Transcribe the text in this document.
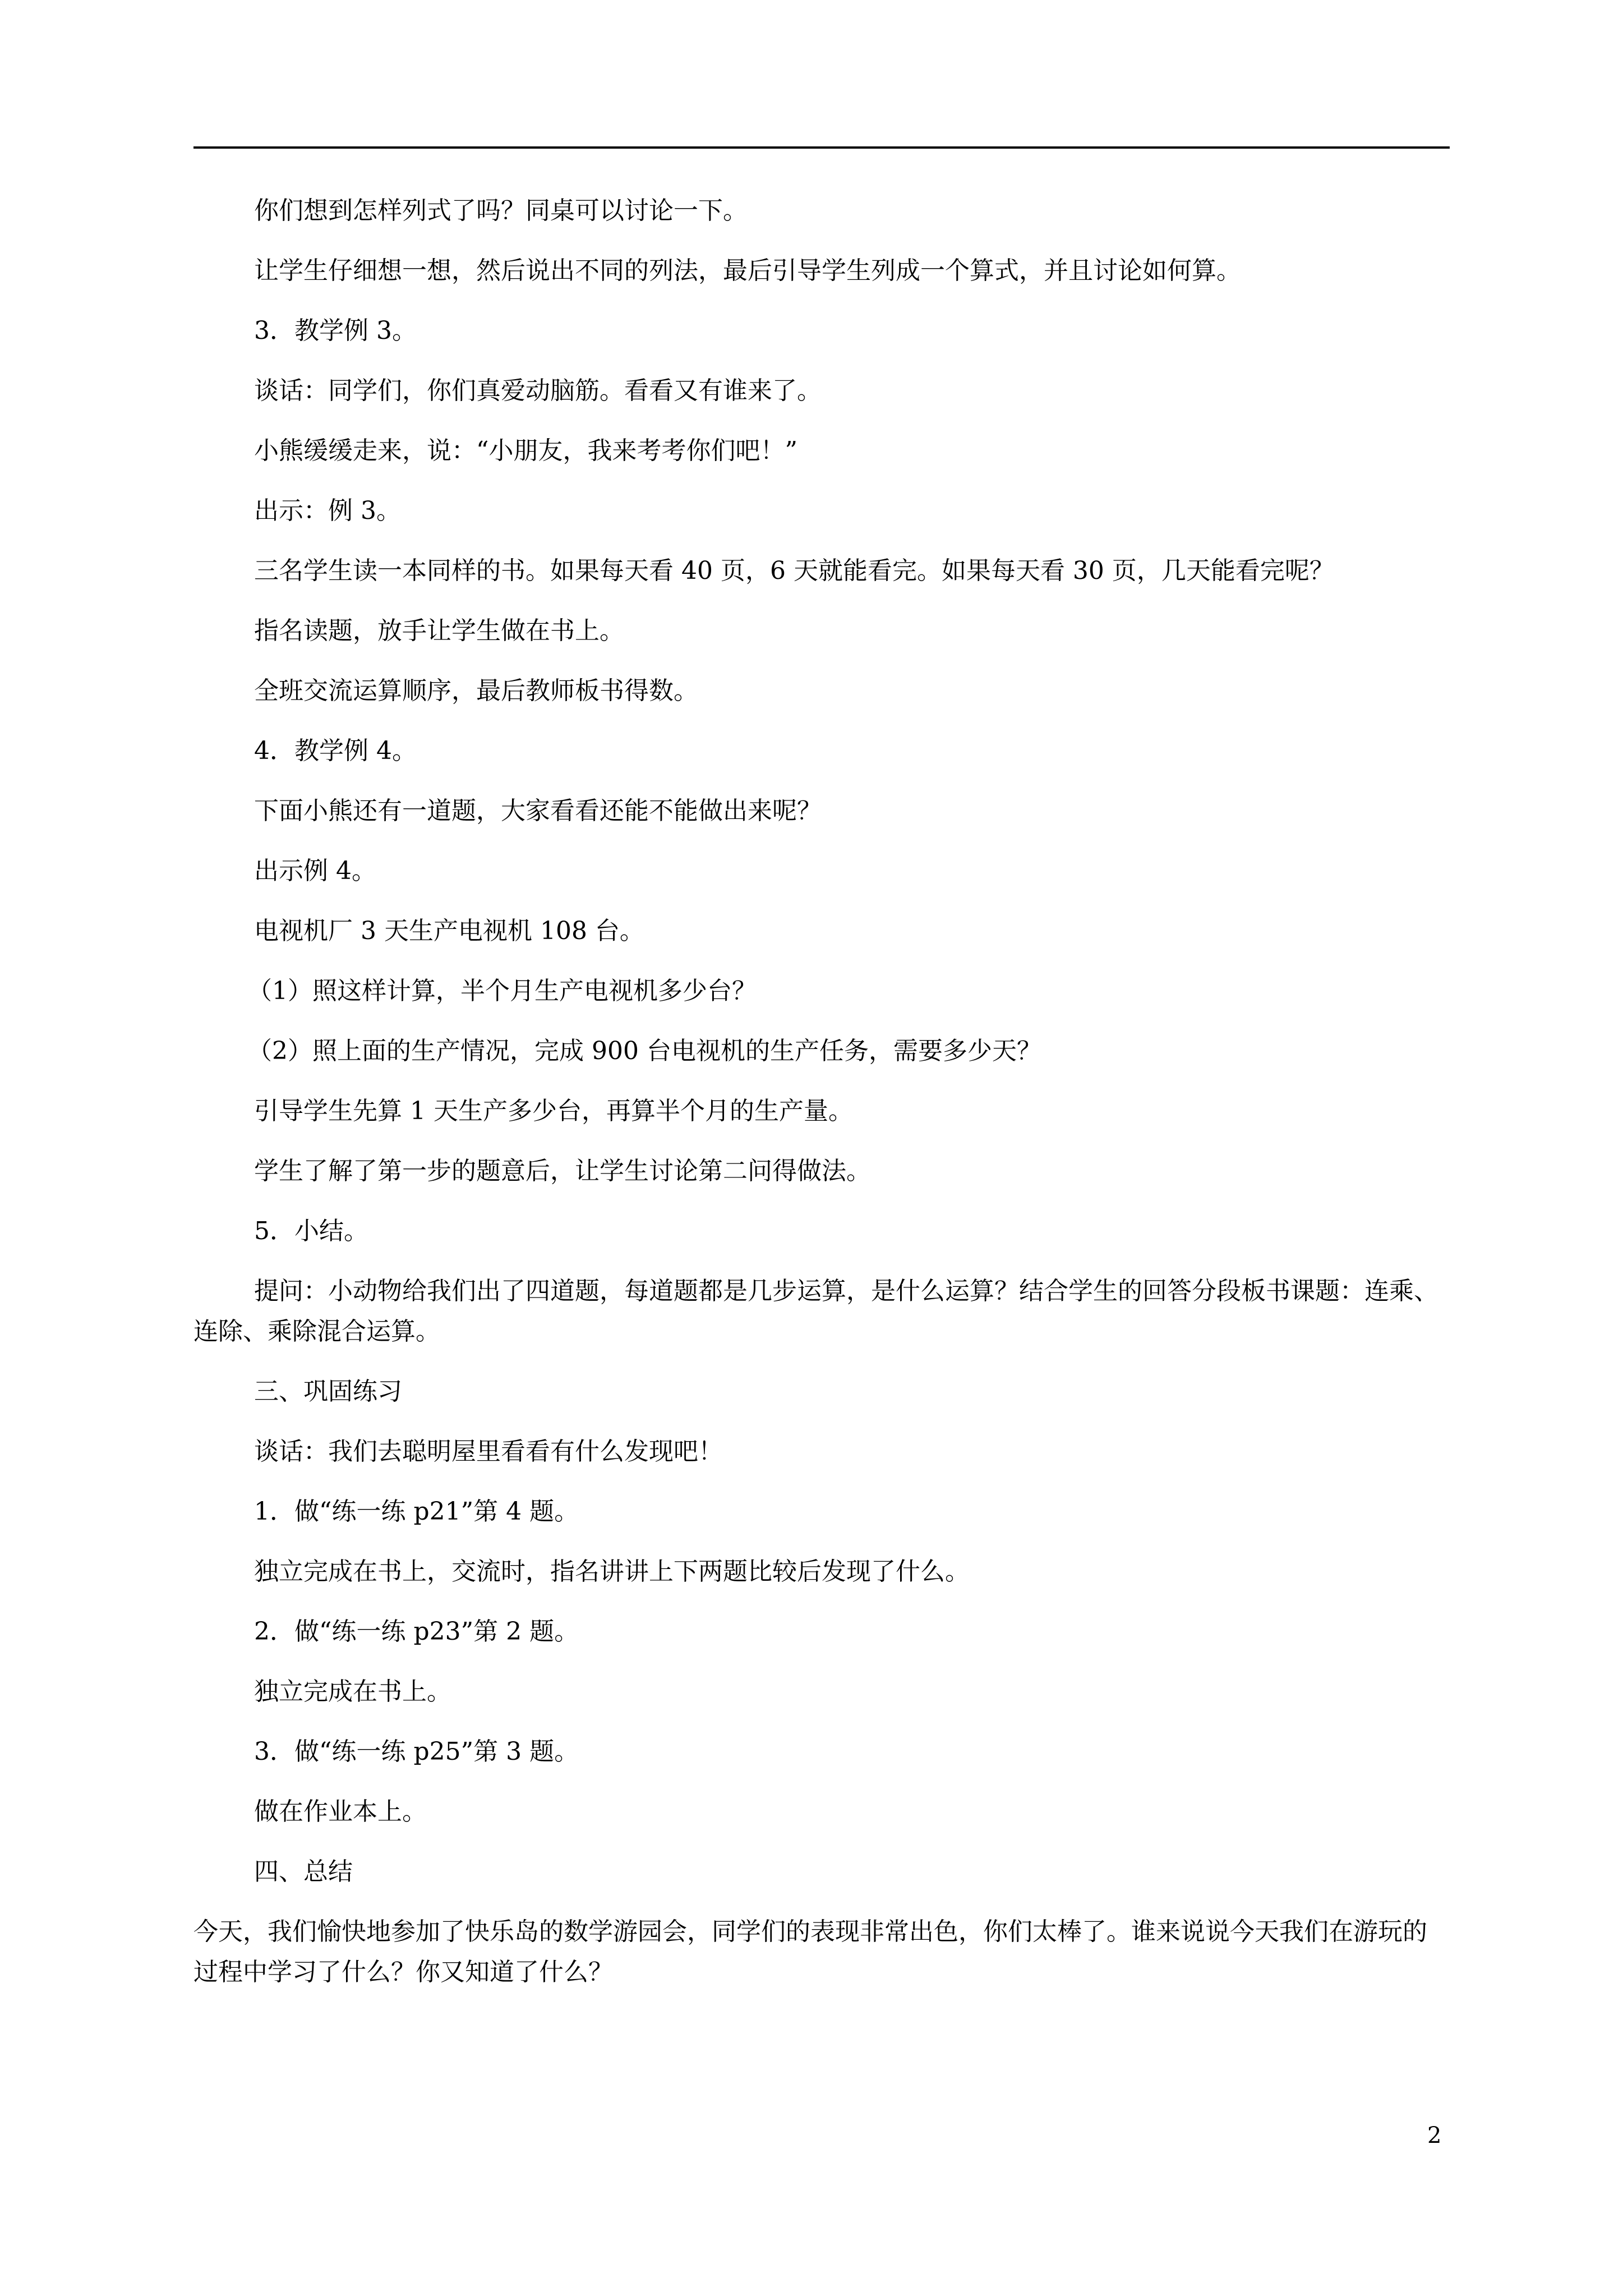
你们想到怎样列式了吗？同桌可以讨论一下。

让学生仔细想一想，然后说出不同的列法，最后引导学生列成一个算式，并且讨论如何算。

3．教学例 3。

谈话：同学们，你们真爱动脑筋。看看又有谁来了。

小熊缓缓走来，说：“小朋友，我来考考你们吧！”

出示：例 3。

三名学生读一本同样的书。如果每天看 40 页，6 天就能看完。如果每天看 30 页，几天能看完呢？

指名读题，放手让学生做在书上。

全班交流运算顺序，最后教师板书得数。

4．教学例 4。

下面小熊还有一道题，大家看看还能不能做出来呢？

出示例 4。

电视机厂 3 天生产电视机 108 台。

（1）照这样计算，半个月生产电视机多少台？

（2）照上面的生产情况，完成 900 台电视机的生产任务，需要多少天？

引导学生先算 1 天生产多少台，再算半个月的生产量。

学生了解了第一步的题意后，让学生讨论第二问得做法。

5．小结。

提问：小动物给我们出了四道题，每道题都是几步运算，是什么运算？结合学生的回答分段板书课题：连乘、连除、乘除混合运算。

三、巩固练习

谈话：我们去聪明屋里看看有什么发现吧！

1．做“练一练 p21”第 4 题。

独立完成在书上，交流时，指名讲讲上下两题比较后发现了什么。

2．做“练一练 p23”第 2 题。

独立完成在书上。

3．做“练一练 p25”第 3 题。

做在作业本上。

四、总结

今天，我们愉快地参加了快乐岛的数学游园会，同学们的表现非常出色，你们太棒了。谁来说说今天我们在游玩的过程中学习了什么？你又知道了什么？

2
